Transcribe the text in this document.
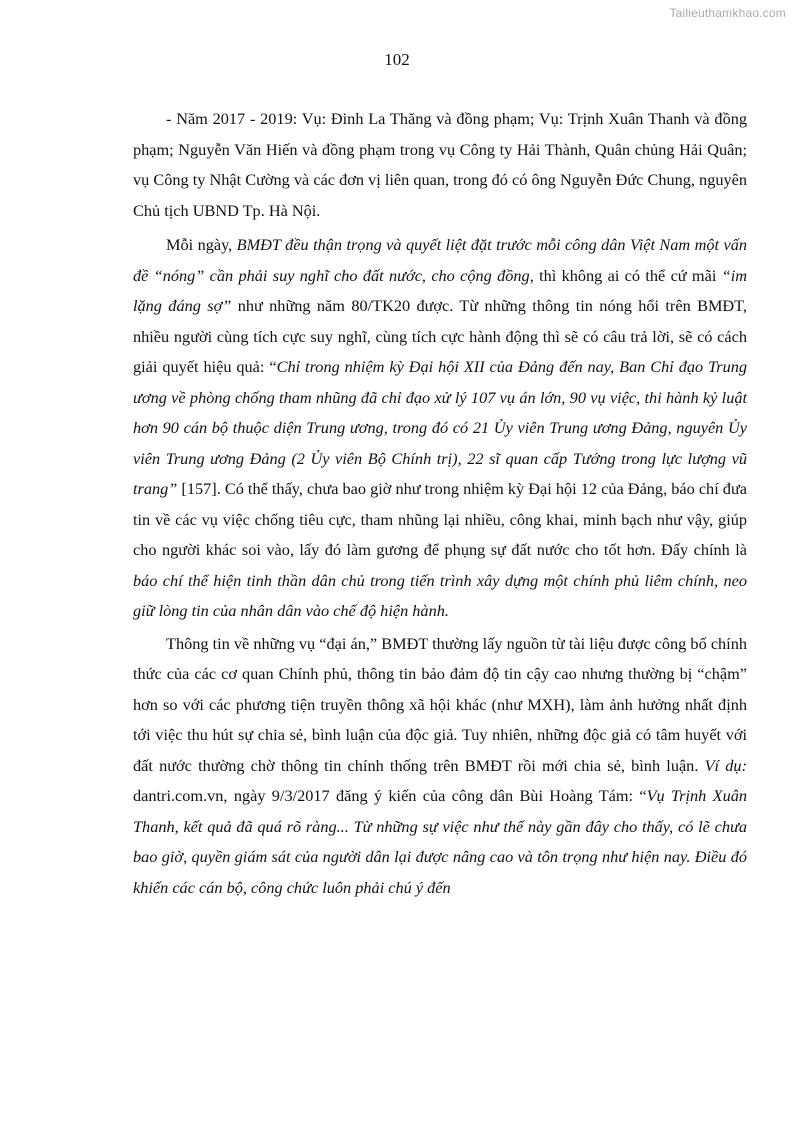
Tailieuthamkhao.com
102

- Năm 2017 - 2019: Vụ: Đinh La Thăng và đồng phạm; Vụ: Trịnh Xuân Thanh và đồng phạm; Nguyễn Văn Hiến và đồng phạm trong vụ Công ty Hải Thành, Quân chủng Hải Quân; vụ Công ty Nhật Cường và các đơn vị liên quan, trong đó có ông Nguyễn Đức Chung, nguyên Chủ tịch UBND Tp. Hà Nội.

Mỗi ngày, BMĐT đều thận trọng và quyết liệt đặt trước mỗi công dân Việt Nam một vấn đề “nóng” cần phải suy nghĩ cho đất nước, cho cộng đồng, thì không ai có thể cứ mãi “im lặng đáng sợ” như những năm 80/TK20 được. Từ những thông tin nóng hổi trên BMĐT, nhiều người cùng tích cực suy nghĩ, cùng tích cực hành động thì sẽ có câu trả lời, sẽ có cách giải quyết hiệu quả: “Chỉ trong nhiệm kỳ Đại hội XII của Đảng đến nay, Ban Chỉ đạo Trung ương về phòng chống tham nhũng đã chỉ đạo xử lý 107 vụ án lớn, 90 vụ việc, thi hành kỷ luật hơn 90 cán bộ thuộc diện Trung ương, trong đó có 21 Ủy viên Trung ương Đảng, nguyên Ủy viên Trung ương Đảng (2 Ủy viên Bộ Chính trị), 22 sĩ quan cấp Tướng trong lực lượng vũ trang” [157]. Có thể thấy, chưa bao giờ như trong nhiệm kỳ Đại hội 12 của Đảng, báo chí đưa tin về các vụ việc chống tiêu cực, tham nhũng lại nhiều, công khai, minh bạch như vậy, giúp cho người khác soi vào, lấy đó làm gương để phụng sự đất nước cho tốt hơn. Đấy chính là báo chí thể hiện tinh thần dân chủ trong tiến trình xây dựng một chính phủ liêm chính, neo giữ lòng tin của nhân dân vào chế độ hiện hành.

Thông tin về những vụ “đại án,” BMĐT thường lấy nguồn từ tài liệu được công bố chính thức của các cơ quan Chính phủ, thông tin bảo đảm độ tin cậy cao nhưng thường bị “chậm” hơn so với các phương tiện truyền thông xã hội khác (như MXH), làm ảnh hưởng nhất định tới việc thu hút sự chia sẻ, bình luận của độc giả. Tuy nhiên, những độc giả có tâm huyết với đất nước thường chờ thông tin chính thống trên BMĐT rồi mới chia sẻ, bình luận. Ví dụ: dantri.com.vn, ngày 9/3/2017 đăng ý kiến của công dân Bùi Hoàng Tám: “Vụ Trịnh Xuân Thanh, kết quả đã quá rõ ràng... Từ những sự việc như thế này gần đây cho thấy, có lẽ chưa bao giờ, quyền giám sát của người dân lại được nâng cao và tôn trọng như hiện nay. Điều đó khiến các cán bộ, công chức luôn phải chú ý đến
